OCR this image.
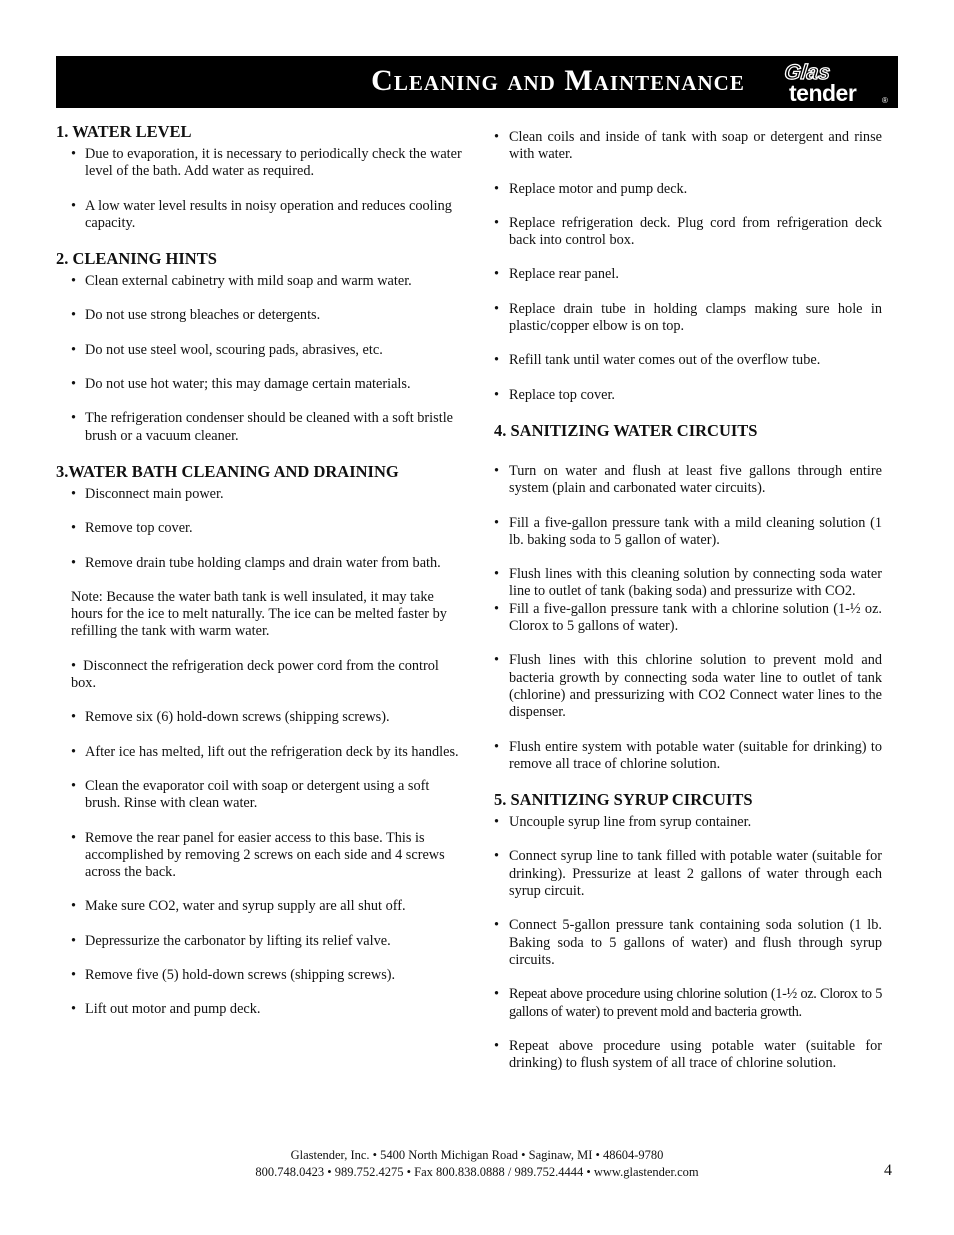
Cleaning and Maintenance	Glas
tender	®
1. WATER LEVEL
• Due to evaporation, it is necessary to periodically check the water level of the bath. Add water as required.
• A low water level results in noisy operation and reduces cooling capacity.
2. CLEANING HINTS
• Clean external cabinetry with mild soap and warm water.
• Do not use strong bleaches or detergents.
• Do not use steel wool, scouring pads, abrasives, etc.
• Do not use hot water; this may damage certain materials.
• The refrigeration condenser should be cleaned with a soft bristle brush or a vacuum cleaner.
3.WATER BATH CLEANING AND DRAINING
• Disconnect main power.
• Remove top cover.
• Remove drain tube holding clamps and drain water from bath.
Note: Because the water bath tank is well insulated, it may take hours for the ice to melt naturally. The ice can be melted faster by refilling the tank with warm water.
• Disconnect the refrigeration deck power cord from the control box.
• Remove six (6) hold-down screws (shipping screws).
• After ice has melted, lift out the refrigeration deck by its handles.
• Clean the evaporator coil with soap or detergent using a soft brush. Rinse with clean water.
• Remove the rear panel for easier access to this base. This is accomplished by removing 2 screws on each side and 4 screws across the back.
• Make sure CO2, water and syrup supply are all shut off.
• Depressurize the carbonator by lifting its relief valve.
• Remove five (5) hold-down screws (shipping screws).
• Lift out motor and pump deck.
• Clean coils and inside of tank with soap or detergent and rinse with water.
• Replace motor and pump deck.
• Replace refrigeration deck. Plug cord from refrigeration deck back into control box.
• Replace rear panel.
• Replace drain tube in holding clamps making sure hole in plastic/copper elbow is on top.
• Refill tank until water comes out of the overflow tube.
• Replace top cover.
4. SANITIZING WATER CIRCUITS
• Turn on water and flush at least five gallons through entire system (plain and carbonated water circuits).
• Fill a five-gallon pressure tank with a mild cleaning solution (1 lb. baking soda to 5 gallon of water).
• Flush lines with this cleaning solution by connecting soda water line to outlet of tank (baking soda) and pressurize with CO2.
• Fill a five-gallon pressure tank with a chlorine solution (1-½ oz. Clorox to 5 gallons of water).
• Flush lines with this chlorine solution to prevent mold and bacteria growth by connecting soda water line to outlet of tank (chlorine) and pressurizing with CO2 Connect water lines to the dispenser.
• Flush entire system with potable water (suitable for drinking) to remove all trace of chlorine solution.
5. SANITIZING SYRUP CIRCUITS
• Uncouple syrup line from syrup container.
• Connect syrup line to tank filled with potable water (suitable for drinking). Pressurize at least 2 gallons of water through each syrup circuit.
• Connect 5-gallon pressure tank containing soda solution (1 lb. Baking soda to 5 gallons of water) and flush through syrup circuits.
• Repeat above procedure using chlorine solution (1-½ oz. Clorox to 5 gallons of water) to prevent mold and bacteria growth.
• Repeat above procedure using potable water (suitable for drinking) to flush system of all trace of chlorine solution.
Glastender, Inc. • 5400 North Michigan Road • Saginaw, MI • 48604-9780
800.748.0423 • 989.752.4275 • Fax 800.838.0888 / 989.752.4444 • www.glastender.com	4
